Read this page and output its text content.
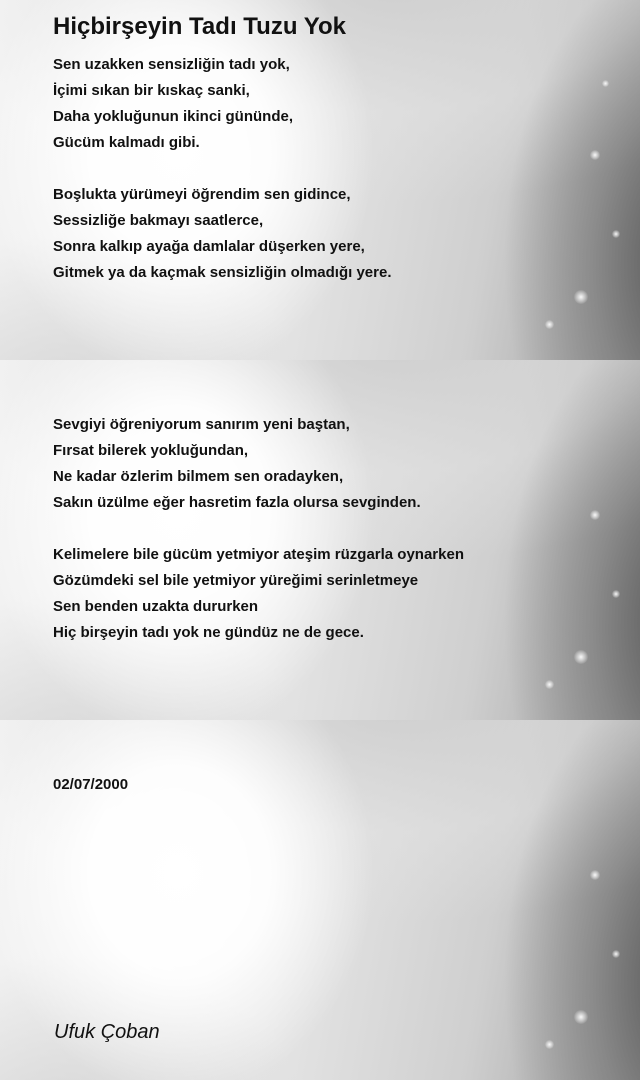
Hiçbirşeyin Tadı Tuzu Yok
Sen uzakken sensizliğin tadı yok,
İçimi sıkan bir kıskaç sanki,
Daha yokluğunun ikinci gününde,
Gücüm kalmadı gibi.
Boşlukta yürümeyi öğrendim sen gidince,
Sessizliğe bakmayı saatlerce,
Sonra kalkıp ayağa damlalar düşerken yere,
Gitmek ya da kaçmak sensizliğin olmadığı yere.
Sevgiyi öğreniyorum sanırım yeni baştan,
Fırsat bilerek yokluğundan,
Ne kadar özlerim bilmem sen oradayken,
Sakın üzülme eğer hasretim fazla olursa sevginden.
Kelimelere bile gücüm yetmiyor ateşim rüzgarla oynarken
Gözümdeki sel bile yetmiyor yüreğimi serinletmeye
Sen benden uzakta dururken
Hiç birşeyin tadı yok ne gündüz ne de gece.
02/07/2000
Ufuk Çoban
